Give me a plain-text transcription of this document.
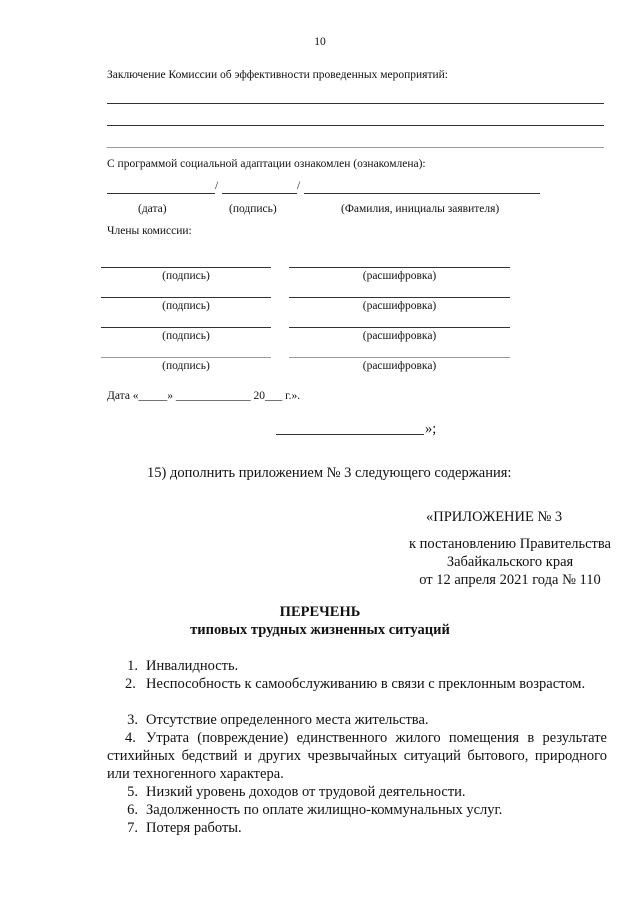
10
Заключение Комиссии об эффективности проведенных мероприятий:
С программой социальной адаптации ознакомлен (ознакомлена):
/	/
(дата)	(подпись)	(Фамилия, инициалы заявителя)
Члены комиссии:
(подпись)	(расшифровка)
(подпись)	(расшифровка)
(подпись)	(расшифровка)
(подпись)	(расшифровка)
Дата «_____» _____________ 20___ г.».
»;
15) дополнить приложением № 3 следующего содержания:
«ПРИЛОЖЕНИЕ № 3
к постановлению Правительства
Забайкальского края
от 12 апреля 2021 года № 110
ПЕРЕЧЕНЬ
типовых трудных жизненных ситуаций
1. Инвалидность.
2. Неспособность к самообслуживанию в связи с преклонным возрастом.
3. Отсутствие определенного места жительства.
4. Утрата (повреждение) единственного жилого помещения в результате стихийных бедствий и других чрезвычайных ситуаций бытового, природного или техногенного характера.
5. Низкий уровень доходов от трудовой деятельности.
6. Задолженность по оплате жилищно-коммунальных услуг.
7. Потеря работы.
